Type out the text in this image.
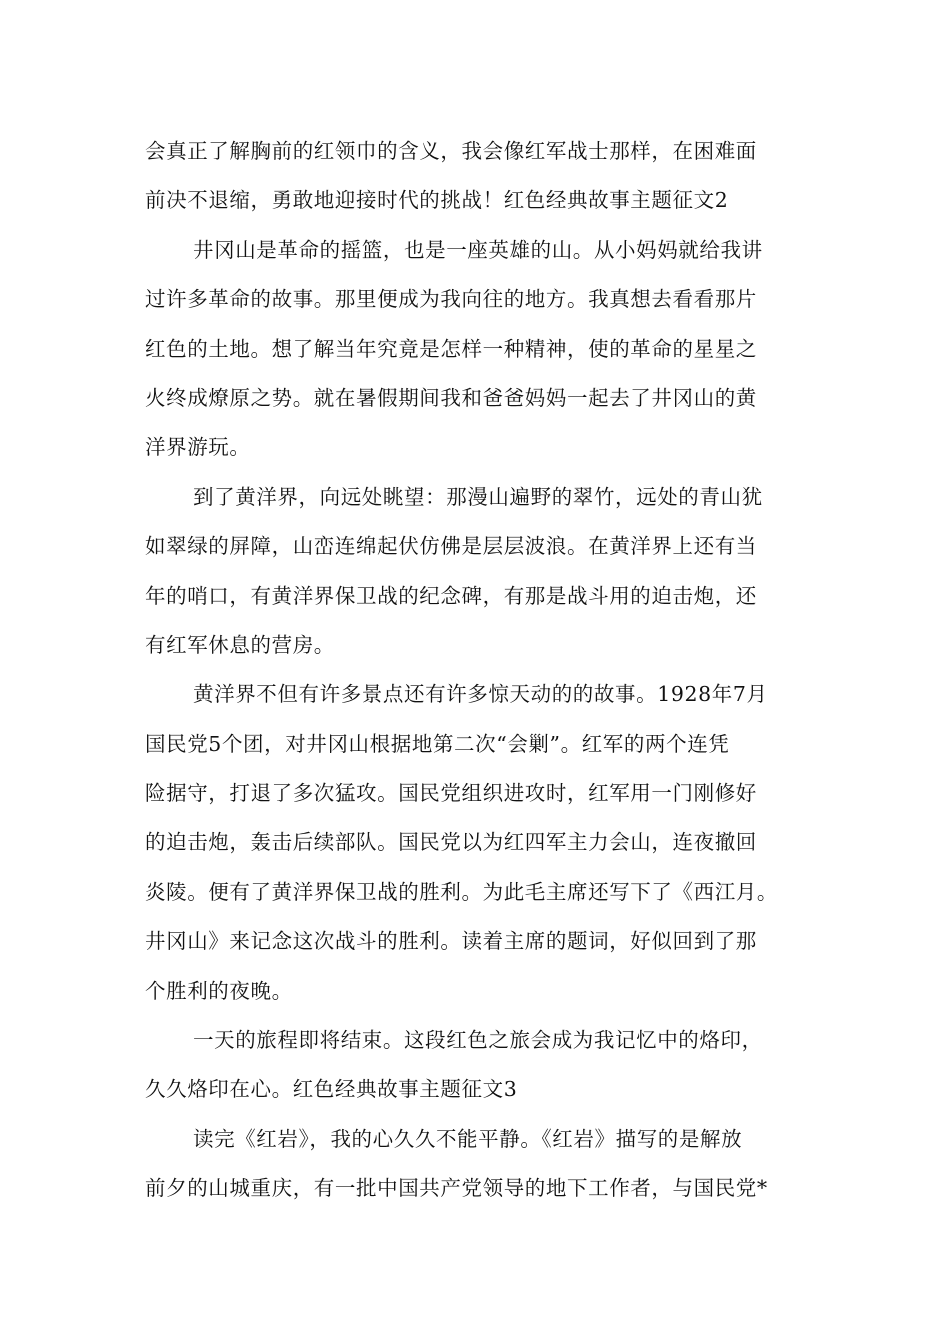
会真正了解胸前的红领巾的含义，我会像红军战士那样，在困难面
前决不退缩，勇敢地迎接时代的挑战！红色经典故事主题征文2
井冈山是革命的摇篮，也是一座英雄的山。从小妈妈就给我讲
过许多革命的故事。那里便成为我向往的地方。我真想去看看那片
红色的土地。想了解当年究竟是怎样一种精神，使的革命的星星之
火终成燎原之势。就在暑假期间我和爸爸妈妈一起去了井冈山的黄
洋界游玩。
到了黄洋界，向远处眺望：那漫山遍野的翠竹，远处的青山犹
如翠绿的屏障，山峦连绵起伏仿佛是层层波浪。在黄洋界上还有当
年的哨口，有黄洋界保卫战的纪念碑，有那是战斗用的迫击炮，还
有红军休息的营房。
黄洋界不但有许多景点还有许多惊天动的的故事。1928年7月
国民党5个团，对井冈山根据地第二次“会剿”。红军的两个连凭
险据守，打退了多次猛攻。国民党组织进攻时，红军用一门刚修好
的迫击炮，轰击后续部队。国民党以为红四军主力会山，连夜撤回
炎陵。便有了黄洋界保卫战的胜利。为此毛主席还写下了《西江月。
井冈山》来记念这次战斗的胜利。读着主席的题词，好似回到了那
个胜利的夜晚。
一天的旅程即将结束。这段红色之旅会成为我记忆中的烙印，
久久烙印在心。红色经典故事主题征文3
读完《红岩》，我的心久久不能平静。《红岩》描写的是解放
前夕的山城重庆，有一批中国共产党领导的地下工作者，与国民党*
